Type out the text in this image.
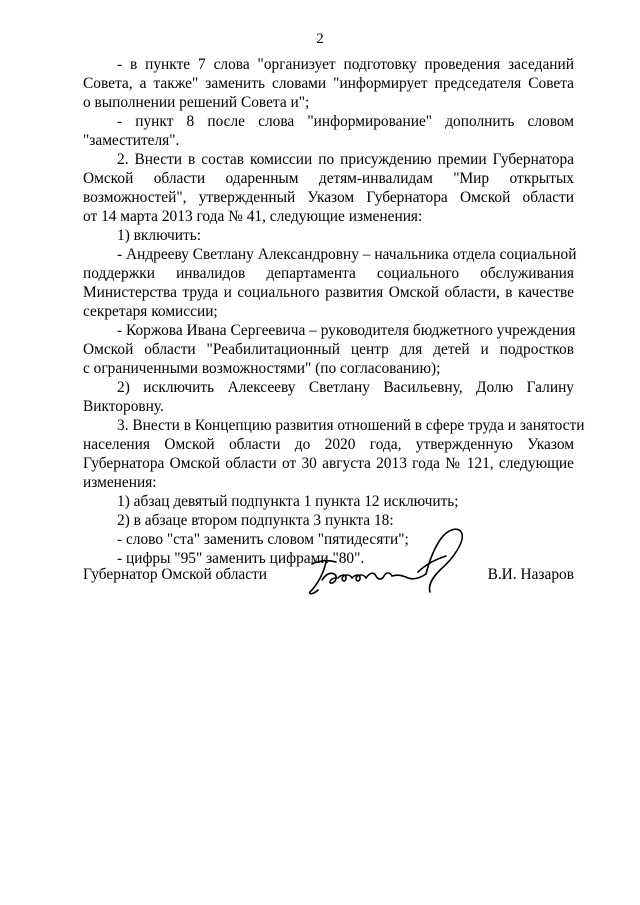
2
- в пункте 7 слова "организует подготовку проведения заседаний
Совета, а также" заменить словами "информирует председателя Совета
о выполнении решений Совета и";
- пункт 8 после слова "информирование" дополнить словом
"заместителя".
2. Внести в состав комиссии по присуждению премии Губернатора
Омской области одаренным детям-инвалидам "Мир открытых
возможностей", утвержденный Указом Губернатора Омской области
от 14 марта 2013 года № 41, следующие изменения:
1) включить:
- Андрееву Светлану Александровну – начальника отдела социальной
поддержки инвалидов департамента социального обслуживания
Министерства труда и социального развития Омской области, в качестве
секретаря комиссии;
- Коржова Ивана Сергеевича – руководителя бюджетного учреждения
Омской области "Реабилитационный центр для детей и подростков
с ограниченными возможностями" (по согласованию);
2) исключить Алексееву Светлану Васильевну, Долю Галину
Викторовну.
3. Внести в Концепцию развития отношений в сфере труда и занятости
населения Омской области до 2020 года, утвержденную Указом
Губернатора Омской области от 30 августа 2013 года № 121, следующие
изменения:
1) абзац девятый подпункта 1 пункта 12 исключить;
2) в абзаце втором подпункта 3 пункта 18:
- слово "ста" заменить словом "пятидесяти";
- цифры "95" заменить цифрами "80".
Губернатор Омской области	В.И. Назаров
